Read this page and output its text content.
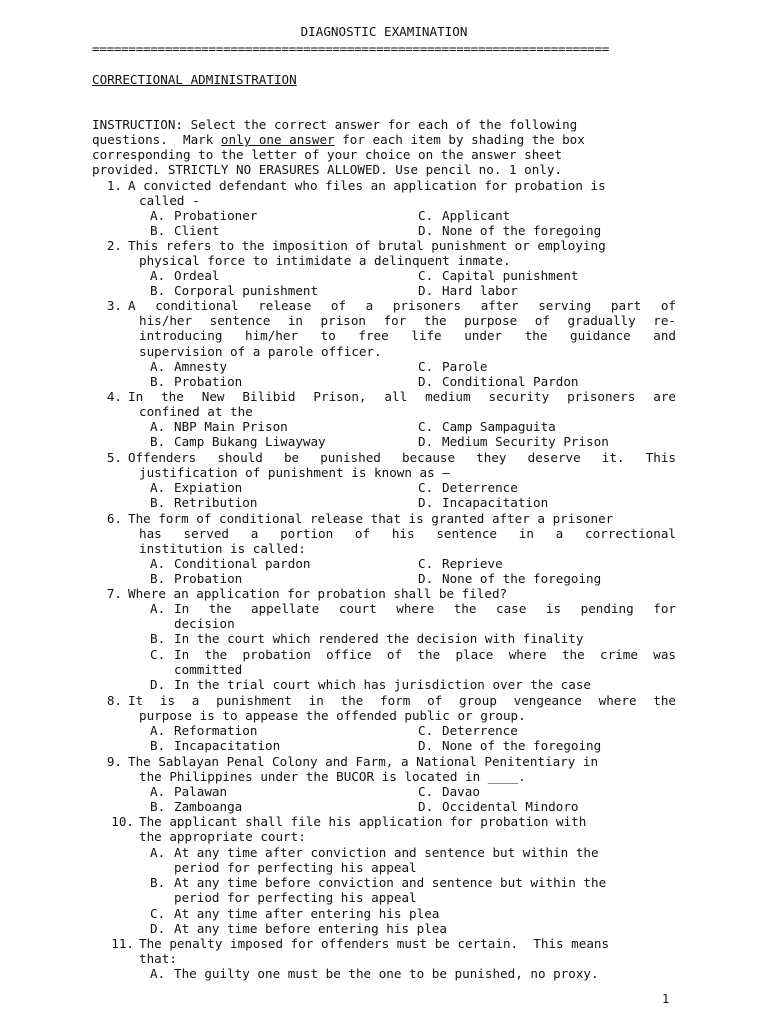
DIAGNOSTIC EXAMINATION
=======================================================================
CORRECTIONAL ADMINISTRATION
INSTRUCTION: Select the correct answer for each of the following
questions.  Mark only one answer for each item by shading the box
corresponding to the letter of your choice on the answer sheet
provided. STRICTLY NO ERASURES ALLOWED. Use pencil no. 1 only.
1. A convicted defendant who files an application for probation is
called -
A. Probationer	C. Applicant
B. Client	D. None of the foregoing
2. This refers to the imposition of brutal punishment or employing
physical force to intimidate a delinquent inmate.
A. Ordeal	C. Capital punishment
B. Corporal punishment	D. Hard labor
3. A conditional release of a prisoners after serving part of
his/her sentence in prison for the purpose of gradually re-
introducing him/her to free life under the guidance and
supervision of a parole officer.
A. Amnesty	C. Parole
B. Probation	D. Conditional Pardon
4. In the New Bilibid Prison, all medium security prisoners are
confined at the
A. NBP Main Prison	C. Camp Sampaguita
B. Camp Bukang Liwayway	D. Medium Security Prison
5. Offenders should be punished because they deserve it. This
justification of punishment is known as –
A. Expiation	C. Deterrence
B. Retribution	D. Incapacitation
6. The form of conditional release that is granted after a prisoner
has served a portion of his sentence in a correctional
institution is called:
A. Conditional pardon	C. Reprieve
B. Probation	D. None of the foregoing
7. Where an application for probation shall be filed?
A. In the appellate court where the case is pending for
decision
B. In the court which rendered the decision with finality
C. In the probation office of the place where the crime was
committed
D. In the trial court which has jurisdiction over the case
8. It is a punishment in the form of group vengeance where the
purpose is to appease the offended public or group.
A. Reformation	C. Deterrence
B. Incapacitation	D. None of the foregoing
9. The Sablayan Penal Colony and Farm, a National Penitentiary in
the Philippines under the BUCOR is located in ____.
A. Palawan	C. Davao
B. Zamboanga	D. Occidental Mindoro
10. The applicant shall file his application for probation with
the appropriate court:
A. At any time after conviction and sentence but within the
period for perfecting his appeal
B. At any time before conviction and sentence but within the
period for perfecting his appeal
C. At any time after entering his plea
D. At any time before entering his plea
11. The penalty imposed for offenders must be certain.  This means
that:
A. The guilty one must be the one to be punished, no proxy.
1
